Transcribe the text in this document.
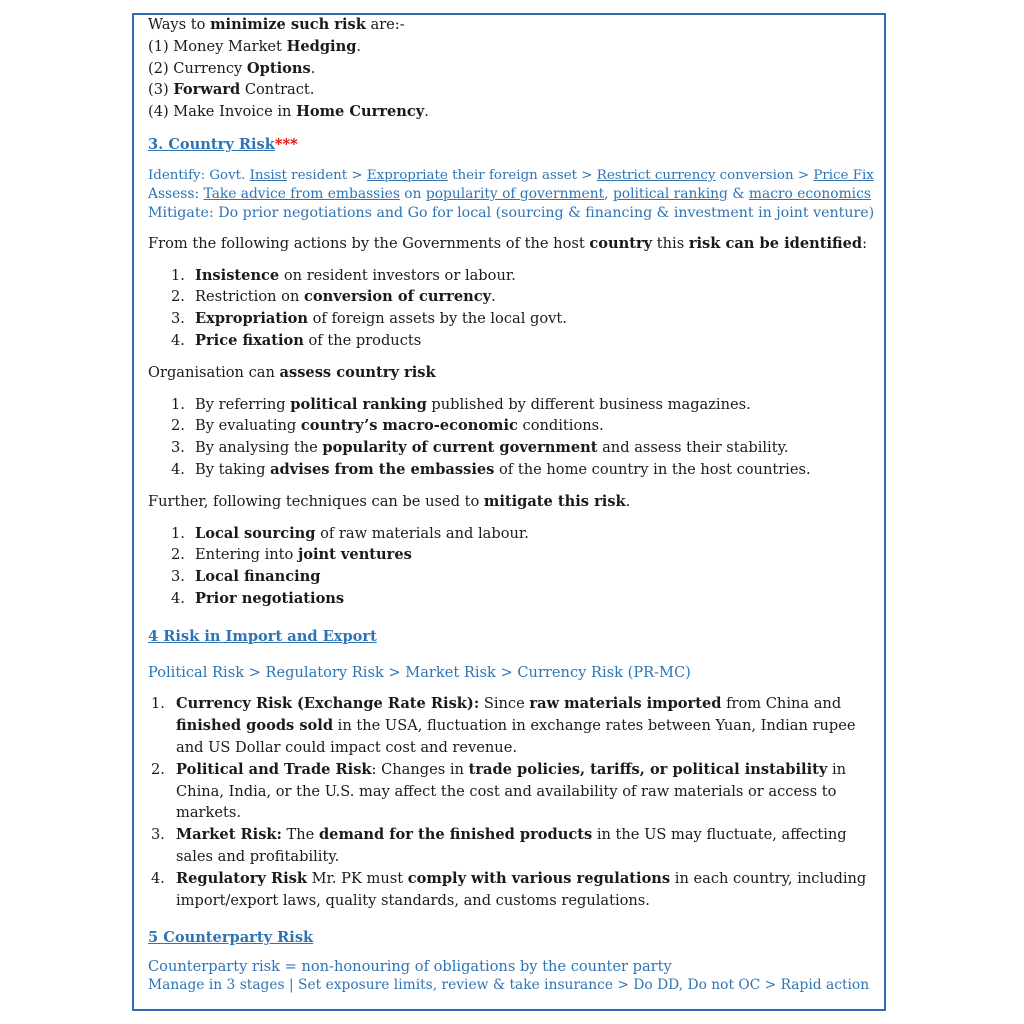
Ways to minimize such risk are:-
(1) Money Market Hedging.
(2) Currency Options.
(3) Forward Contract.
(4) Make Invoice in Home Currency.
3. Country Risk***
Identify: Govt. Insist resident > Expropriate their foreign asset > Restrict currency conversion > Price Fix
Assess: Take advice from embassies on popularity of government, political ranking & macro economics
Mitigate: Do prior negotiations and Go for local (sourcing & financing & investment in joint venture)
From the following actions by the Governments of the host country this risk can be identified:
1. Insistence on resident investors or labour.
2. Restriction on conversion of currency.
3. Expropriation of foreign assets by the local govt.
4. Price fixation of the products
Organisation can assess country risk
1. By referring political ranking published by different business magazines.
2. By evaluating country’s macro-economic conditions.
3. By analysing the popularity of current government and assess their stability.
4. By taking advises from the embassies of the home country in the host countries.
Further, following techniques can be used to mitigate this risk.
1. Local sourcing of raw materials and labour.
2. Entering into joint ventures
3. Local financing
4. Prior negotiations
4 Risk in Import and Export
Political Risk > Regulatory Risk > Market Risk > Currency Risk (PR-MC)
1. Currency Risk (Exchange Rate Risk): Since raw materials imported from China and finished goods sold in the USA, fluctuation in exchange rates between Yuan, Indian rupee and US Dollar could impact cost and revenue.
2. Political and Trade Risk: Changes in trade policies, tariffs, or political instability in China, India, or the U.S. may affect the cost and availability of raw materials or access to markets.
3. Market Risk: The demand for the finished products in the US may fluctuate, affecting sales and profitability.
4. Regulatory Risk Mr. PK must comply with various regulations in each country, including import/export laws, quality standards, and customs regulations.
5 Counterparty Risk
Counterparty risk = non-honouring of obligations by the counter party
Manage in 3 stages | Set exposure limits, review & take insurance > Do DD, Do not OC > Rapid action
